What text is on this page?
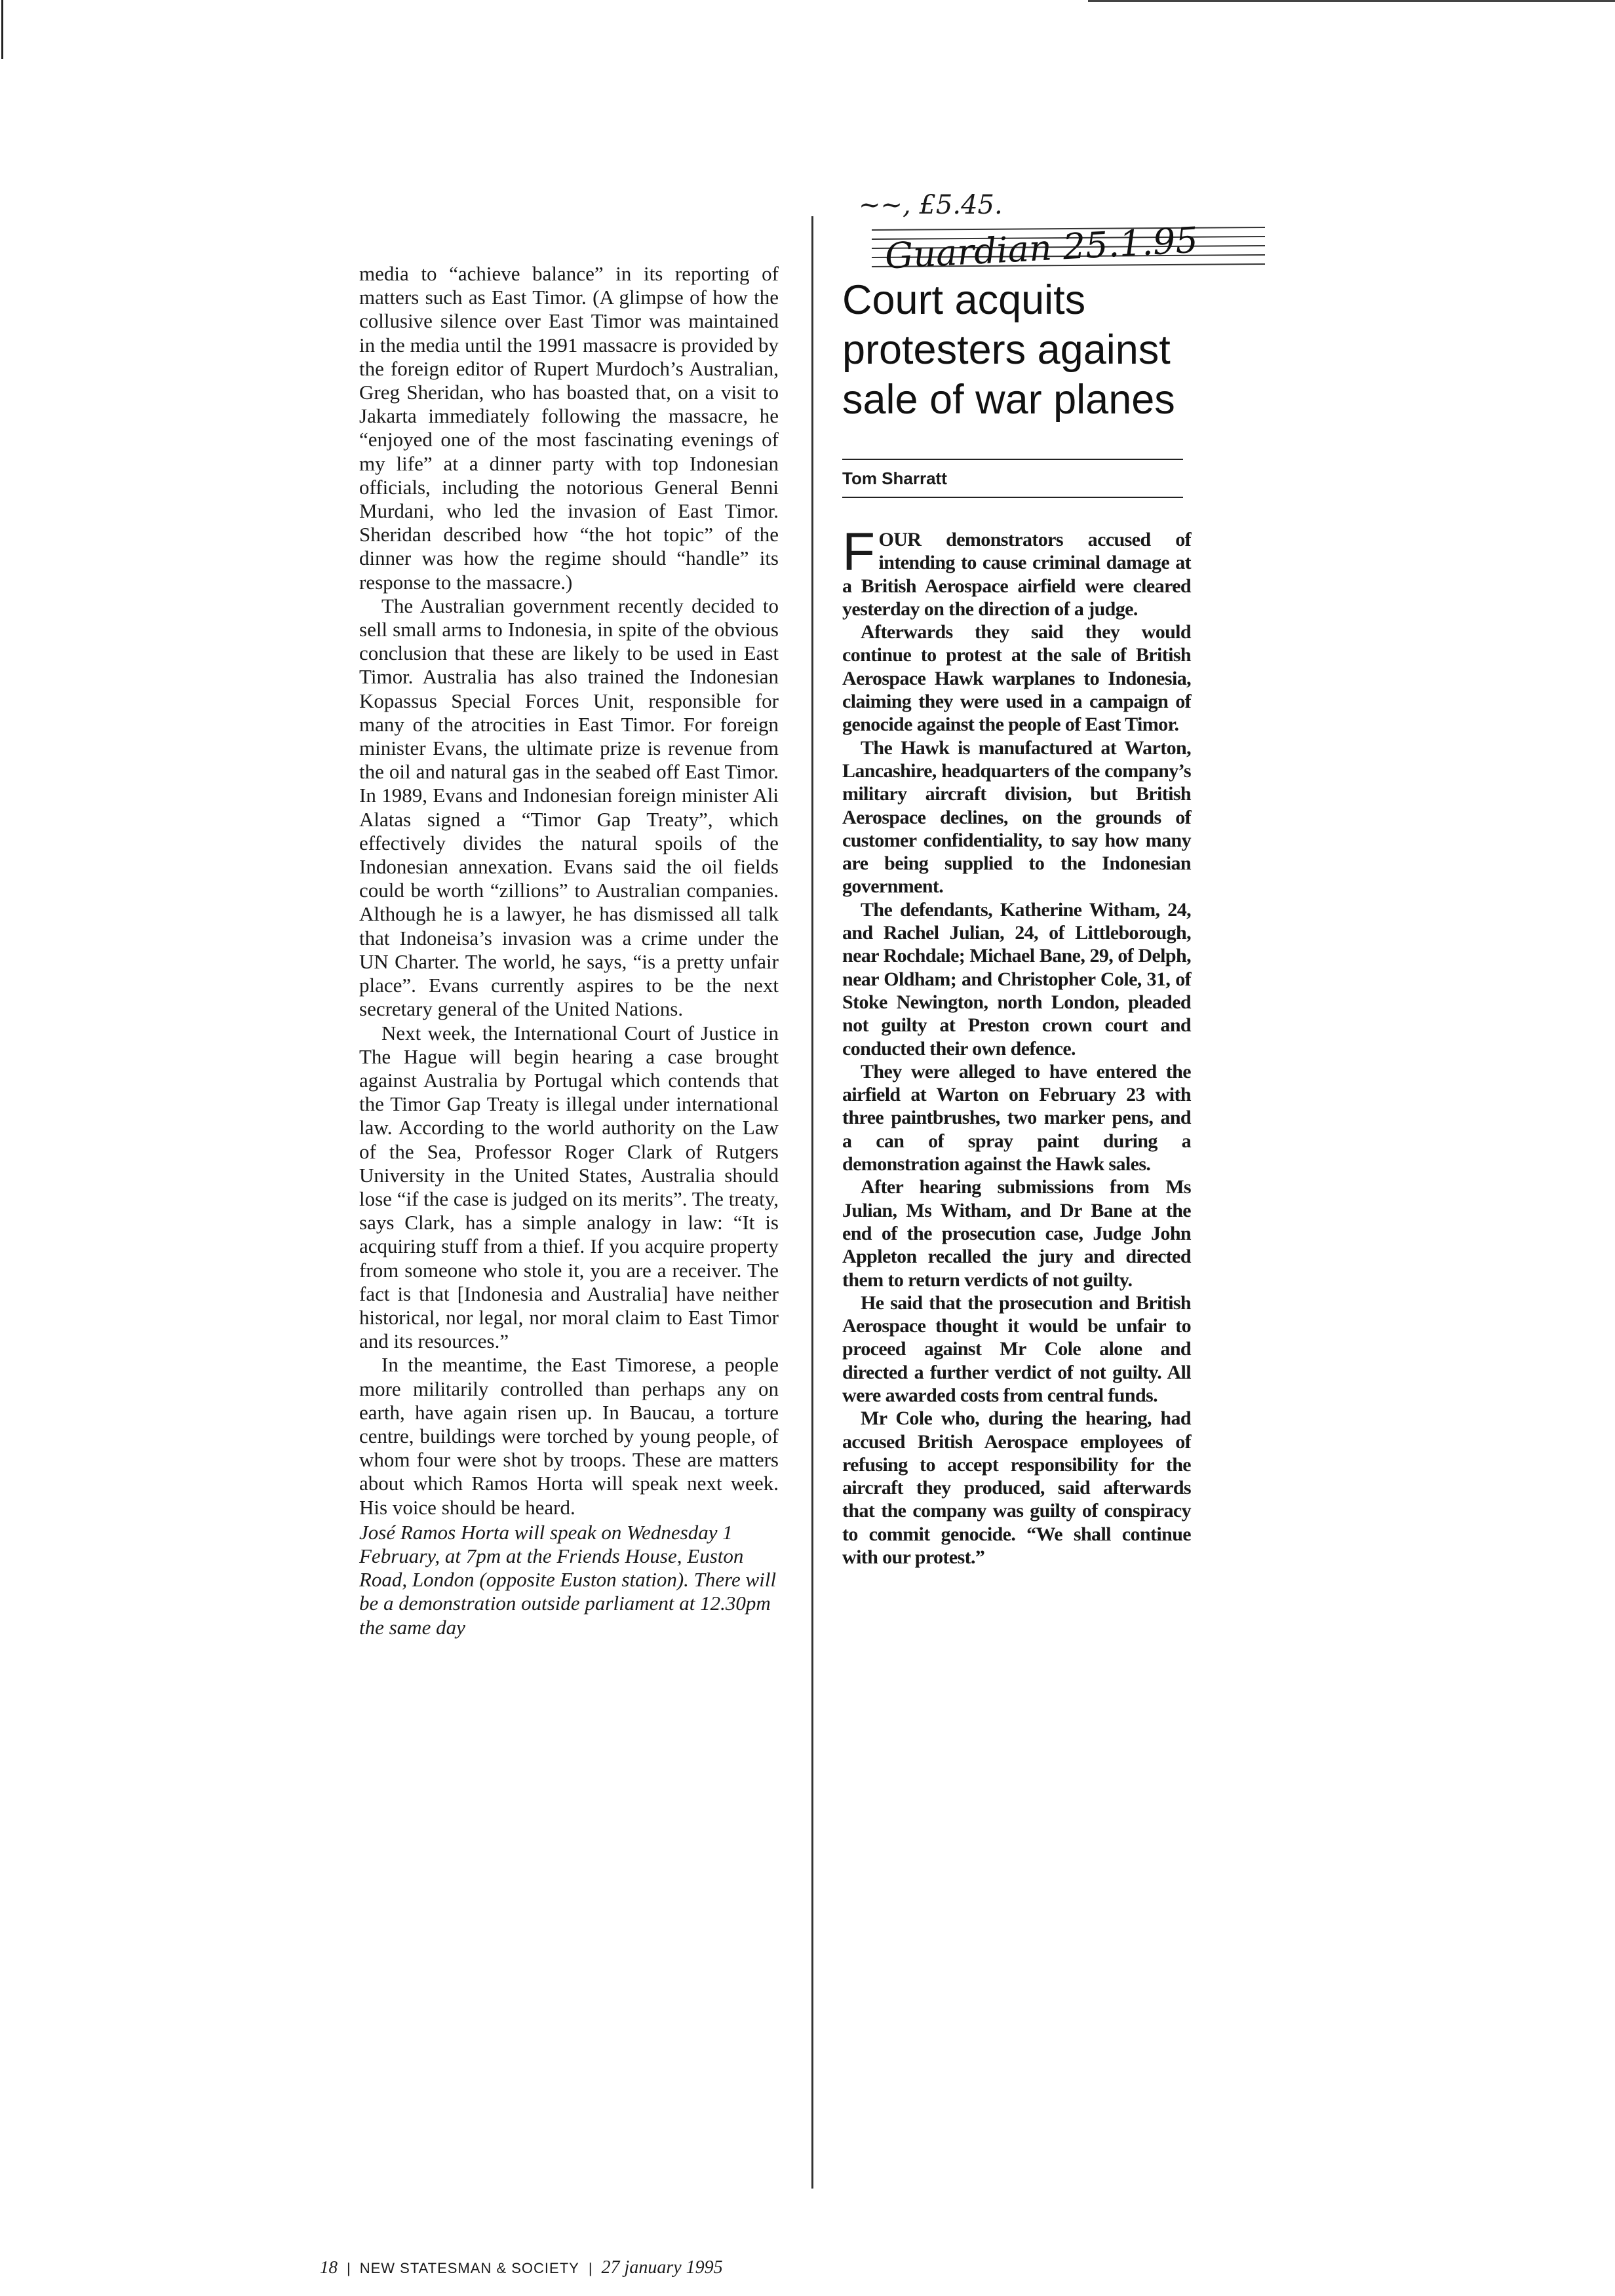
media to “achieve balance” in its reporting of matters such as East Timor. (A glimpse of how the collusive silence over East Timor was maintained in the media until the 1991 massacre is provided by the foreign editor of Rupert Murdoch’s Australian, Greg Sheridan, who has boasted that, on a visit to Jakarta immediately following the massacre, he “enjoyed one of the most fascinating evenings of my life” at a dinner party with top Indonesian officials, including the notorious General Benni Murdani, who led the invasion of East Timor. Sheridan described how “the hot topic” of the dinner was how the regime should “handle” its response to the massacre.)

The Australian government recently decided to sell small arms to Indonesia, in spite of the obvious conclusion that these are likely to be used in East Timor. Australia has also trained the Indonesian Kopassus Special Forces Unit, responsible for many of the atrocities in East Timor. For foreign minister Evans, the ultimate prize is revenue from the oil and natural gas in the seabed off East Timor. In 1989, Evans and Indonesian foreign minister Ali Alatas signed a “Timor Gap Treaty”, which effectively divides the natural spoils of the Indonesian annexation. Evans said the oil fields could be worth “zillions” to Australian companies. Although he is a lawyer, he has dismissed all talk that Indoneisa’s invasion was a crime under the UN Charter. The world, he says, “is a pretty unfair place”. Evans currently aspires to be the next secretary general of the United Nations.

Next week, the International Court of Justice in The Hague will begin hearing a case brought against Australia by Portugal which contends that the Timor Gap Treaty is illegal under international law. According to the world authority on the Law of the Sea, Professor Roger Clark of Rutgers University in the United States, Australia should lose “if the case is judged on its merits”. The treaty, says Clark, has a simple analogy in law: “It is acquiring stuff from a thief. If you acquire property from someone who stole it, you are a receiver. The fact is that [Indonesia and Australia] have neither historical, nor legal, nor moral claim to East Timor and its resources.”

In the meantime, the East Timorese, a people more militarily controlled than perhaps any on earth, have again risen up. In Baucau, a torture centre, buildings were torched by young people, of whom four were shot by troops. These are matters about which Ramos Horta will speak next week. His voice should be heard.

José Ramos Horta will speak on Wednesday 1 February, at 7pm at the Friends House, Euston Road, London (opposite Euston station). There will be a demonstration outside parliament at 12.30pm the same day

~~, £5.45.
Guardian 25.1.95
Court acquits protesters against sale of war planes
Tom Sharratt

FOUR demonstrators accused of intending to cause criminal damage at a British Aerospace airfield were cleared yesterday on the direction of a judge.

Afterwards they said they would continue to protest at the sale of British Aerospace Hawk warplanes to Indonesia, claiming they were used in a campaign of genocide against the people of East Timor.

The Hawk is manufactured at Warton, Lancashire, headquarters of the company’s military aircraft division, but British Aerospace declines, on the grounds of customer confidentiality, to say how many are being supplied to the Indonesian government.

The defendants, Katherine Witham, 24, and Rachel Julian, 24, of Littleborough, near Rochdale; Michael Bane, 29, of Delph, near Oldham; and Christopher Cole, 31, of Stoke Newington, north London, pleaded not guilty at Preston crown court and conducted their own defence.

They were alleged to have entered the airfield at Warton on February 23 with three paintbrushes, two marker pens, and a can of spray paint during a demonstration against the Hawk sales.

After hearing submissions from Ms Julian, Ms Witham, and Dr Bane at the end of the prosecution case, Judge John Appleton recalled the jury and directed them to return verdicts of not guilty.

He said that the prosecution and British Aerospace thought it would be unfair to proceed against Mr Cole alone and directed a further verdict of not guilty. All were awarded costs from central funds.

Mr Cole who, during the hearing, had accused British Aerospace employees of refusing to accept responsibility for the aircraft they produced, said afterwards that the company was guilty of conspiracy to commit genocide. “We shall continue with our protest.”

18 | NEW STATESMAN & SOCIETY | 27 january 1995
